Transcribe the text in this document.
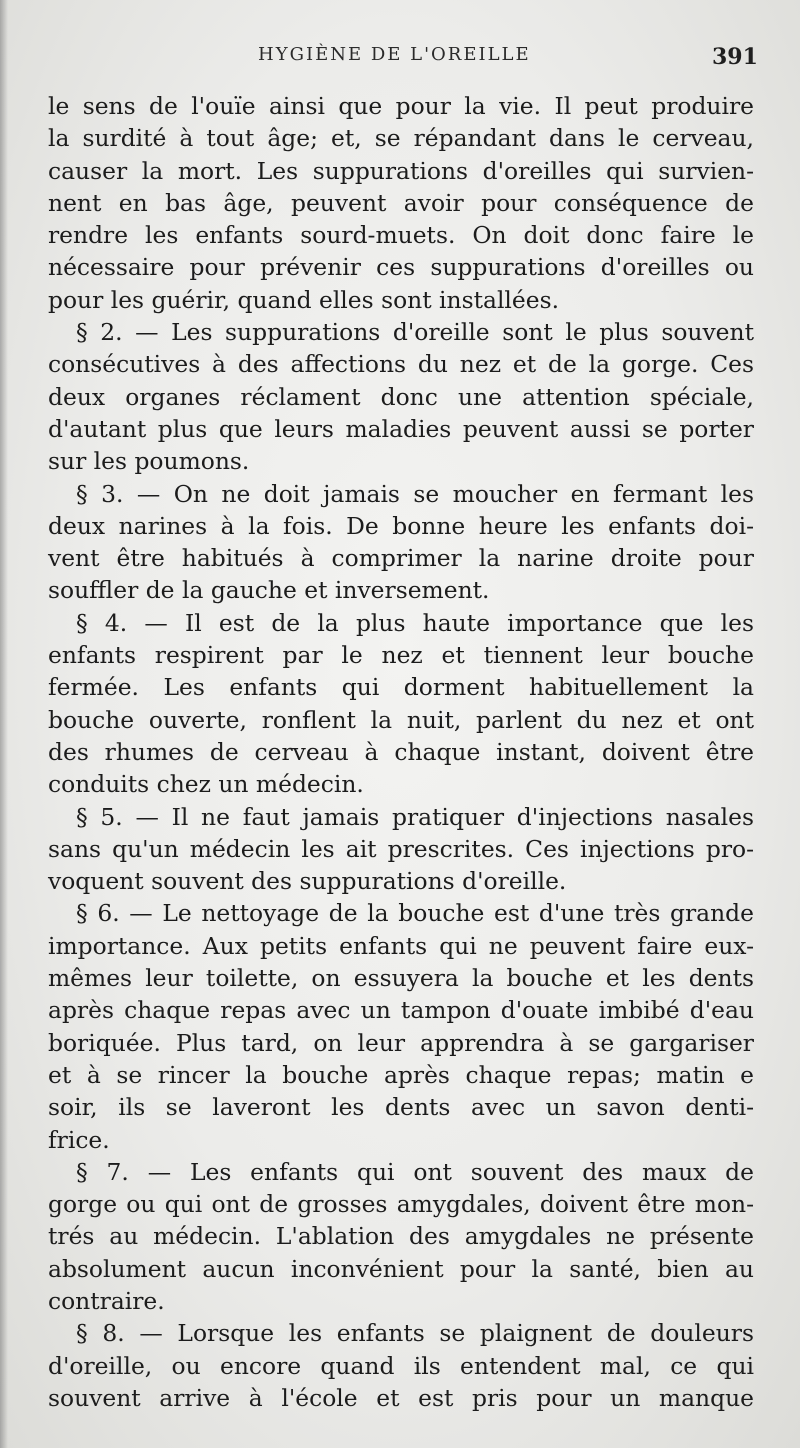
HYGIÈNE DE L'OREILLE	391
le sens de l'ouïe ainsi que pour la vie. Il peut produire
la surdité à tout âge; et, se répandant dans le cerveau,
causer la mort. Les suppurations d'oreilles qui survien-
nent en bas âge, peuvent avoir pour conséquence de
rendre les enfants sourd-muets. On doit donc faire le
nécessaire pour prévenir ces suppurations d'oreilles ou
pour les guérir, quand elles sont installées.
§ 2. — Les suppurations d'oreille sont le plus souvent
consécutives à des affections du nez et de la gorge. Ces
deux organes réclament donc une attention spéciale,
d'autant plus que leurs maladies peuvent aussi se porter
sur les poumons.
§ 3. — On ne doit jamais se moucher en fermant les
deux narines à la fois. De bonne heure les enfants doi-
vent être habitués à comprimer la narine droite pour
souffler de la gauche et inversement.
§ 4. — Il est de la plus haute importance que les
enfants respirent par le nez et tiennent leur bouche
fermée. Les enfants qui dorment habituellement la
bouche ouverte, ronflent la nuit, parlent du nez et ont
des rhumes de cerveau à chaque instant, doivent être
conduits chez un médecin.
§ 5. — Il ne faut jamais pratiquer d'injections nasales
sans qu'un médecin les ait prescrites. Ces injections pro-
voquent souvent des suppurations d'oreille.
§ 6. — Le nettoyage de la bouche est d'une très grande
importance. Aux petits enfants qui ne peuvent faire eux-
mêmes leur toilette, on essuyera la bouche et les dents
après chaque repas avec un tampon d'ouate imbibé d'eau
boriquée. Plus tard, on leur apprendra à se gargariser
et à se rincer la bouche après chaque repas; matin e
soir, ils se laveront les dents avec un savon denti-
frice.
§ 7. — Les enfants qui ont souvent des maux de
gorge ou qui ont de grosses amygdales, doivent être mon-
trés au médecin. L'ablation des amygdales ne présente
absolument aucun inconvénient pour la santé, bien au
contraire.
§ 8. — Lorsque les enfants se plaignent de douleurs
d'oreille, ou encore quand ils entendent mal, ce qui
souvent arrive à l'école et est pris pour un manque
